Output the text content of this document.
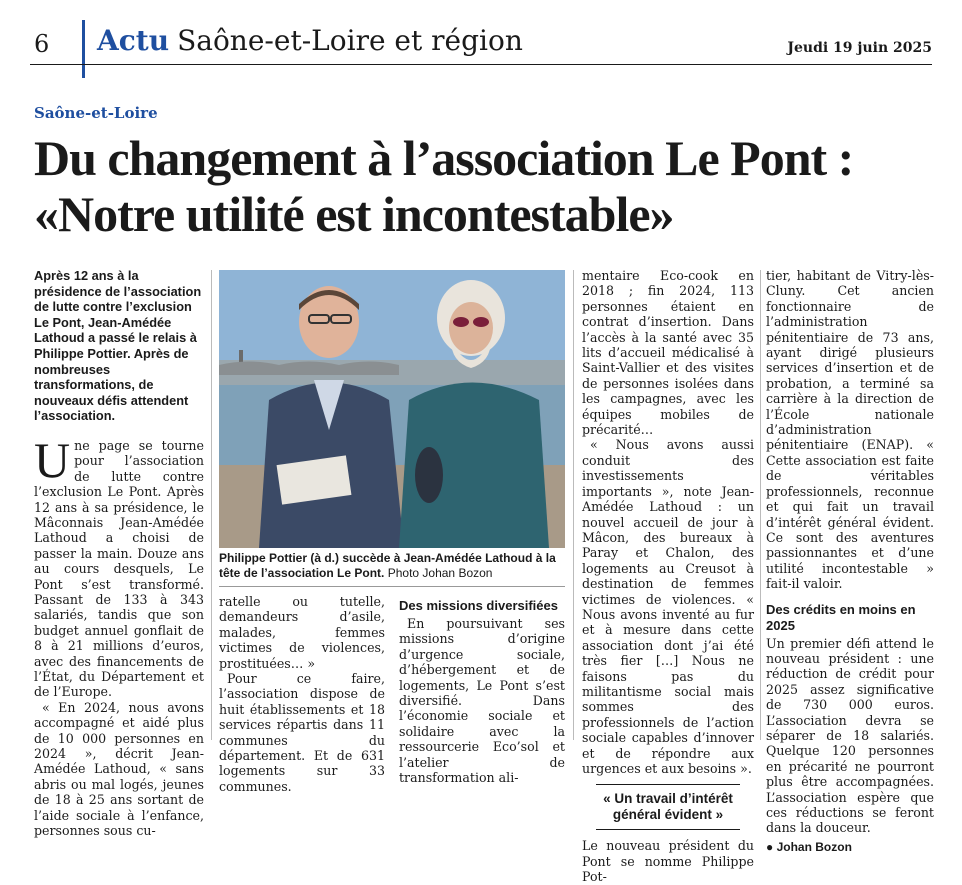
6 Actu Saône-et-Loire et région	Jeudi 19 juin 2025
Saône-et-Loire
Du changement à l’association Le Pont :
«Notre utilité est incontestable»

Après 12 ans à la présidence de l’association de lutte contre l’exclusion Le Pont, Jean-Amédée Lathoud a passé le relais à Philippe Pottier. Après de nombreuses transformations, de nouveaux défis attendent l’association.

U ne page se tourne pour l’association de lutte contre l’exclusion Le Pont. Après 12 ans à sa présidence, le Mâconnais Jean-Amédée Lathoud a choisi de passer la main. Douze ans au cours desquels, Le Pont s’est transformé. Passant de 133 à 343 salariés, tandis que son budget annuel gonflait de 8 à 21 millions d’euros, avec des financements de l’État, du Département et de l’Europe.

« En 2024, nous avons accompagné et aidé plus de 10 000 personnes en 2024 », décrit Jean-Amédée Lathoud, « sans abris ou mal logés, jeunes de 18 à 25 ans sortant de l’aide sociale à l’enfance, personnes sous cu-

Philippe Pottier (à d.) succède à Jean-Amédée Lathoud à la tête de l’association Le Pont. Photo Johan Bozon

ratelle ou tutelle, demandeurs d’asile, malades, femmes victimes de violences, prostituées… »

Pour ce faire, l’association dispose de huit établissements et 18 services répartis dans 11 communes du département. Et de 631 logements sur 33 communes.

Des missions diversifiées

En poursuivant ses missions d’origine d’urgence sociale, d’hébergement et de logements, Le Pont s’est diversifié. Dans l’économie sociale et solidaire avec la ressourcerie Eco’sol et l’atelier de transformation ali-

mentaire Eco-cook en 2018 ; fin 2024, 113 personnes étaient en contrat d’insertion. Dans l’accès à la santé avec 35 lits d’accueil médicalisé à Saint-Vallier et des visites de personnes isolées dans les campagnes, avec les équipes mobiles de précarité…

« Nous avons aussi conduit des investissements importants », note Jean-Amédée Lathoud : un nouvel accueil de jour à Mâcon, des bureaux à Paray et Chalon, des logements au Creusot à destination de femmes victimes de violences. « Nous avons inventé au fur et à mesure dans cette association dont j’ai été très fier […] Nous ne faisons pas du militantisme social mais sommes des professionnels de l’action sociale capables d’innover et de répondre aux urgences et aux besoins ».

« Un travail d’intérêt général évident »

Le nouveau président du Pont se nomme Philippe Pot-

tier, habitant de Vitry-lès-Cluny. Cet ancien fonctionnaire de l’administration pénitentiaire de 73 ans, ayant dirigé plusieurs services d’insertion et de probation, a terminé sa carrière à la direction de l’École nationale d’administration pénitentiaire (ENAP). « Cette association est faite de véritables professionnels, reconnue et qui fait un travail d’intérêt général évident. Ce sont des aventures passionnantes et d’une utilité incontestable » fait-il valoir.

Des crédits en moins en 2025

Un premier défi attend le nouveau président : une réduction de crédit pour 2025 assez significative de 730 000 euros. L’association devra se séparer de 18 salariés. Quelque 120 personnes en précarité ne pourront plus être accompagnées. L’association espère que ces réductions se feront dans la douceur.

● Johan Bozon
